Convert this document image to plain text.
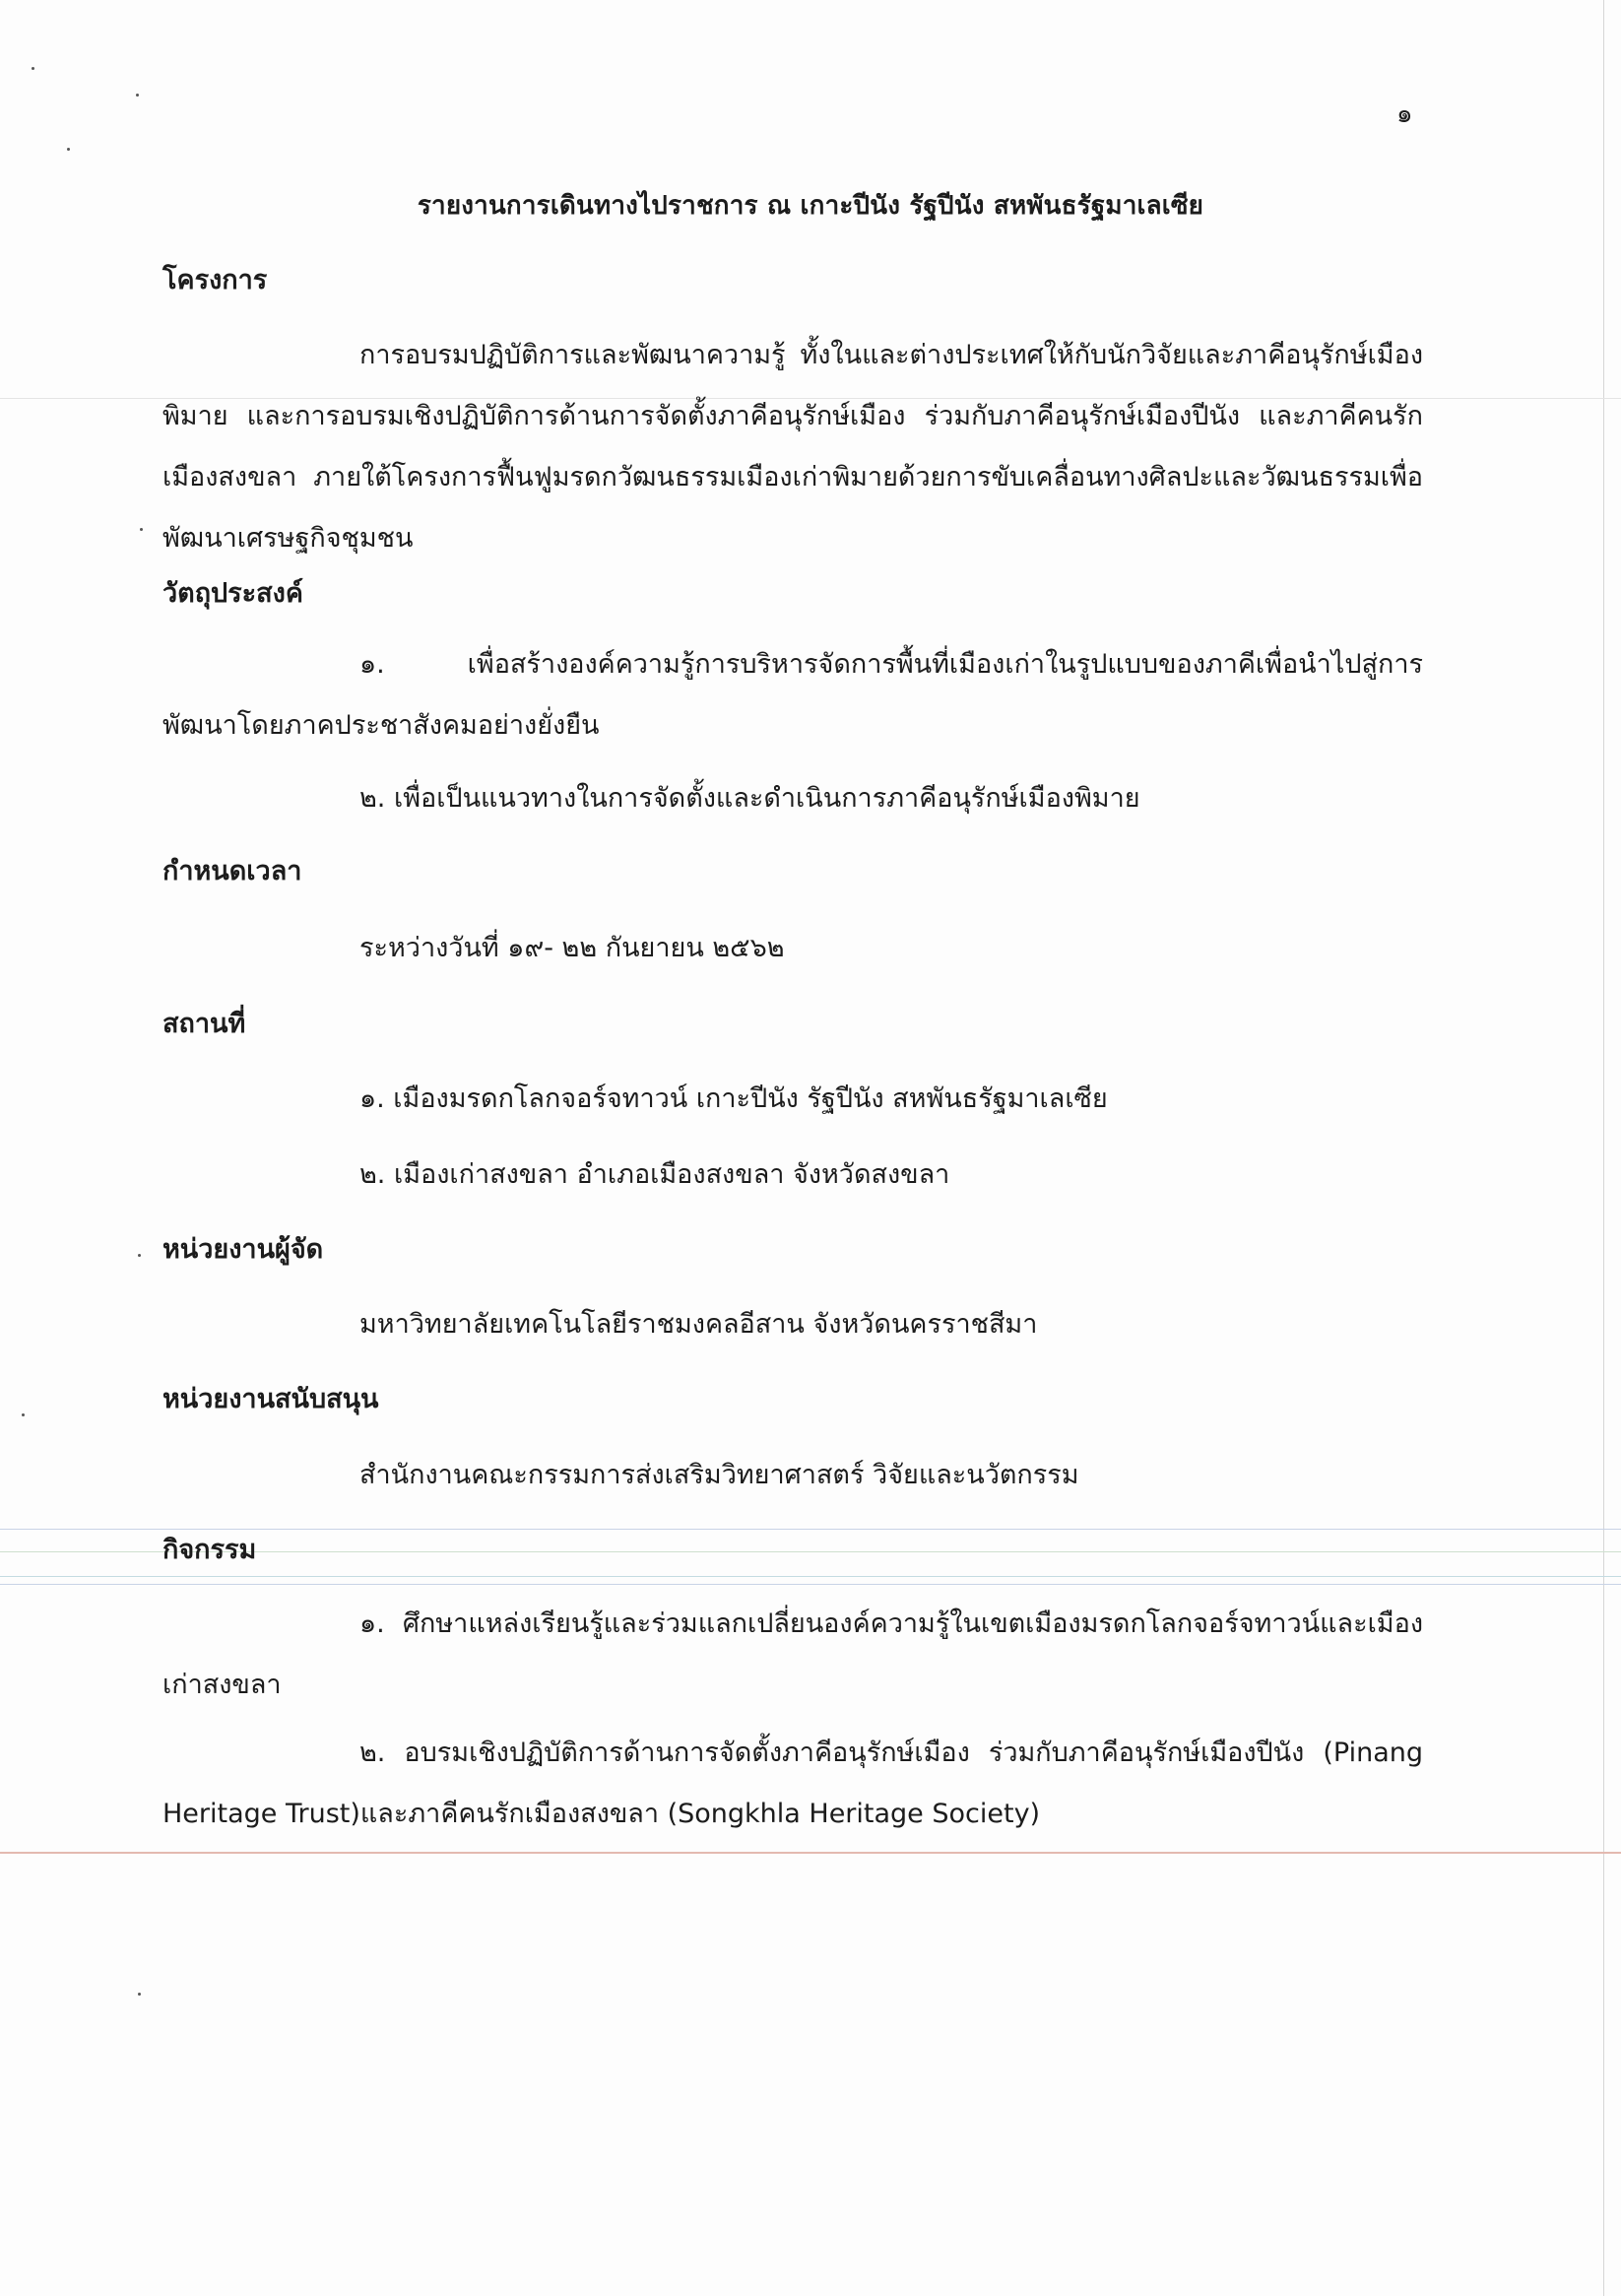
๑
รายงานการเดินทางไปราชการ ณ เกาะปีนัง รัฐปีนัง สหพันธรัฐมาเลเซีย
โครงการ
การอบรมปฏิบัติการและพัฒนาความรู้ ทั้งในและต่างประเทศให้กับนักวิจัยและภาคีอนุรักษ์เมืองพิมาย และการอบรมเชิงปฏิบัติการด้านการจัดตั้งภาคีอนุรักษ์เมือง ร่วมกับภาคีอนุรักษ์เมืองปีนัง และภาคีคนรักเมืองสงขลา ภายใต้โครงการฟื้นฟูมรดกวัฒนธรรมเมืองเก่าพิมายด้วยการขับเคลื่อนทางศิลปะและวัฒนธรรมเพื่อพัฒนาเศรษฐกิจชุมชน
วัตถุประสงค์
๑. เพื่อสร้างองค์ความรู้การบริหารจัดการพื้นที่เมืองเก่าในรูปแบบของภาคีเพื่อนำไปสู่การพัฒนาโดยภาคประชาสังคมอย่างยั่งยืน
๒. เพื่อเป็นแนวทางในการจัดตั้งและดำเนินการภาคีอนุรักษ์เมืองพิมาย
กำหนดเวลา
ระหว่างวันที่ ๑๙- ๒๒ กันยายน ๒๕๖๒
สถานที่
๑. เมืองมรดกโลกจอร์จทาวน์ เกาะปีนัง รัฐปีนัง สหพันธรัฐมาเลเซีย
๒. เมืองเก่าสงขลา อำเภอเมืองสงขลา จังหวัดสงขลา
หน่วยงานผู้จัด
มหาวิทยาลัยเทคโนโลยีราชมงคลอีสาน จังหวัดนครราชสีมา
หน่วยงานสนับสนุน
สำนักงานคณะกรรมการส่งเสริมวิทยาศาสตร์ วิจัยและนวัตกรรม
กิจกรรม
๑. ศึกษาแหล่งเรียนรู้และร่วมแลกเปลี่ยนองค์ความรู้ในเขตเมืองมรดกโลกจอร์จทาวน์และเมืองเก่าสงขลา
๒. อบรมเชิงปฏิบัติการด้านการจัดตั้งภาคีอนุรักษ์เมือง ร่วมกับภาคีอนุรักษ์เมืองปีนัง (Pinang Heritage Trust)และภาคีคนรักเมืองสงขลา (Songkhla Heritage Society)
